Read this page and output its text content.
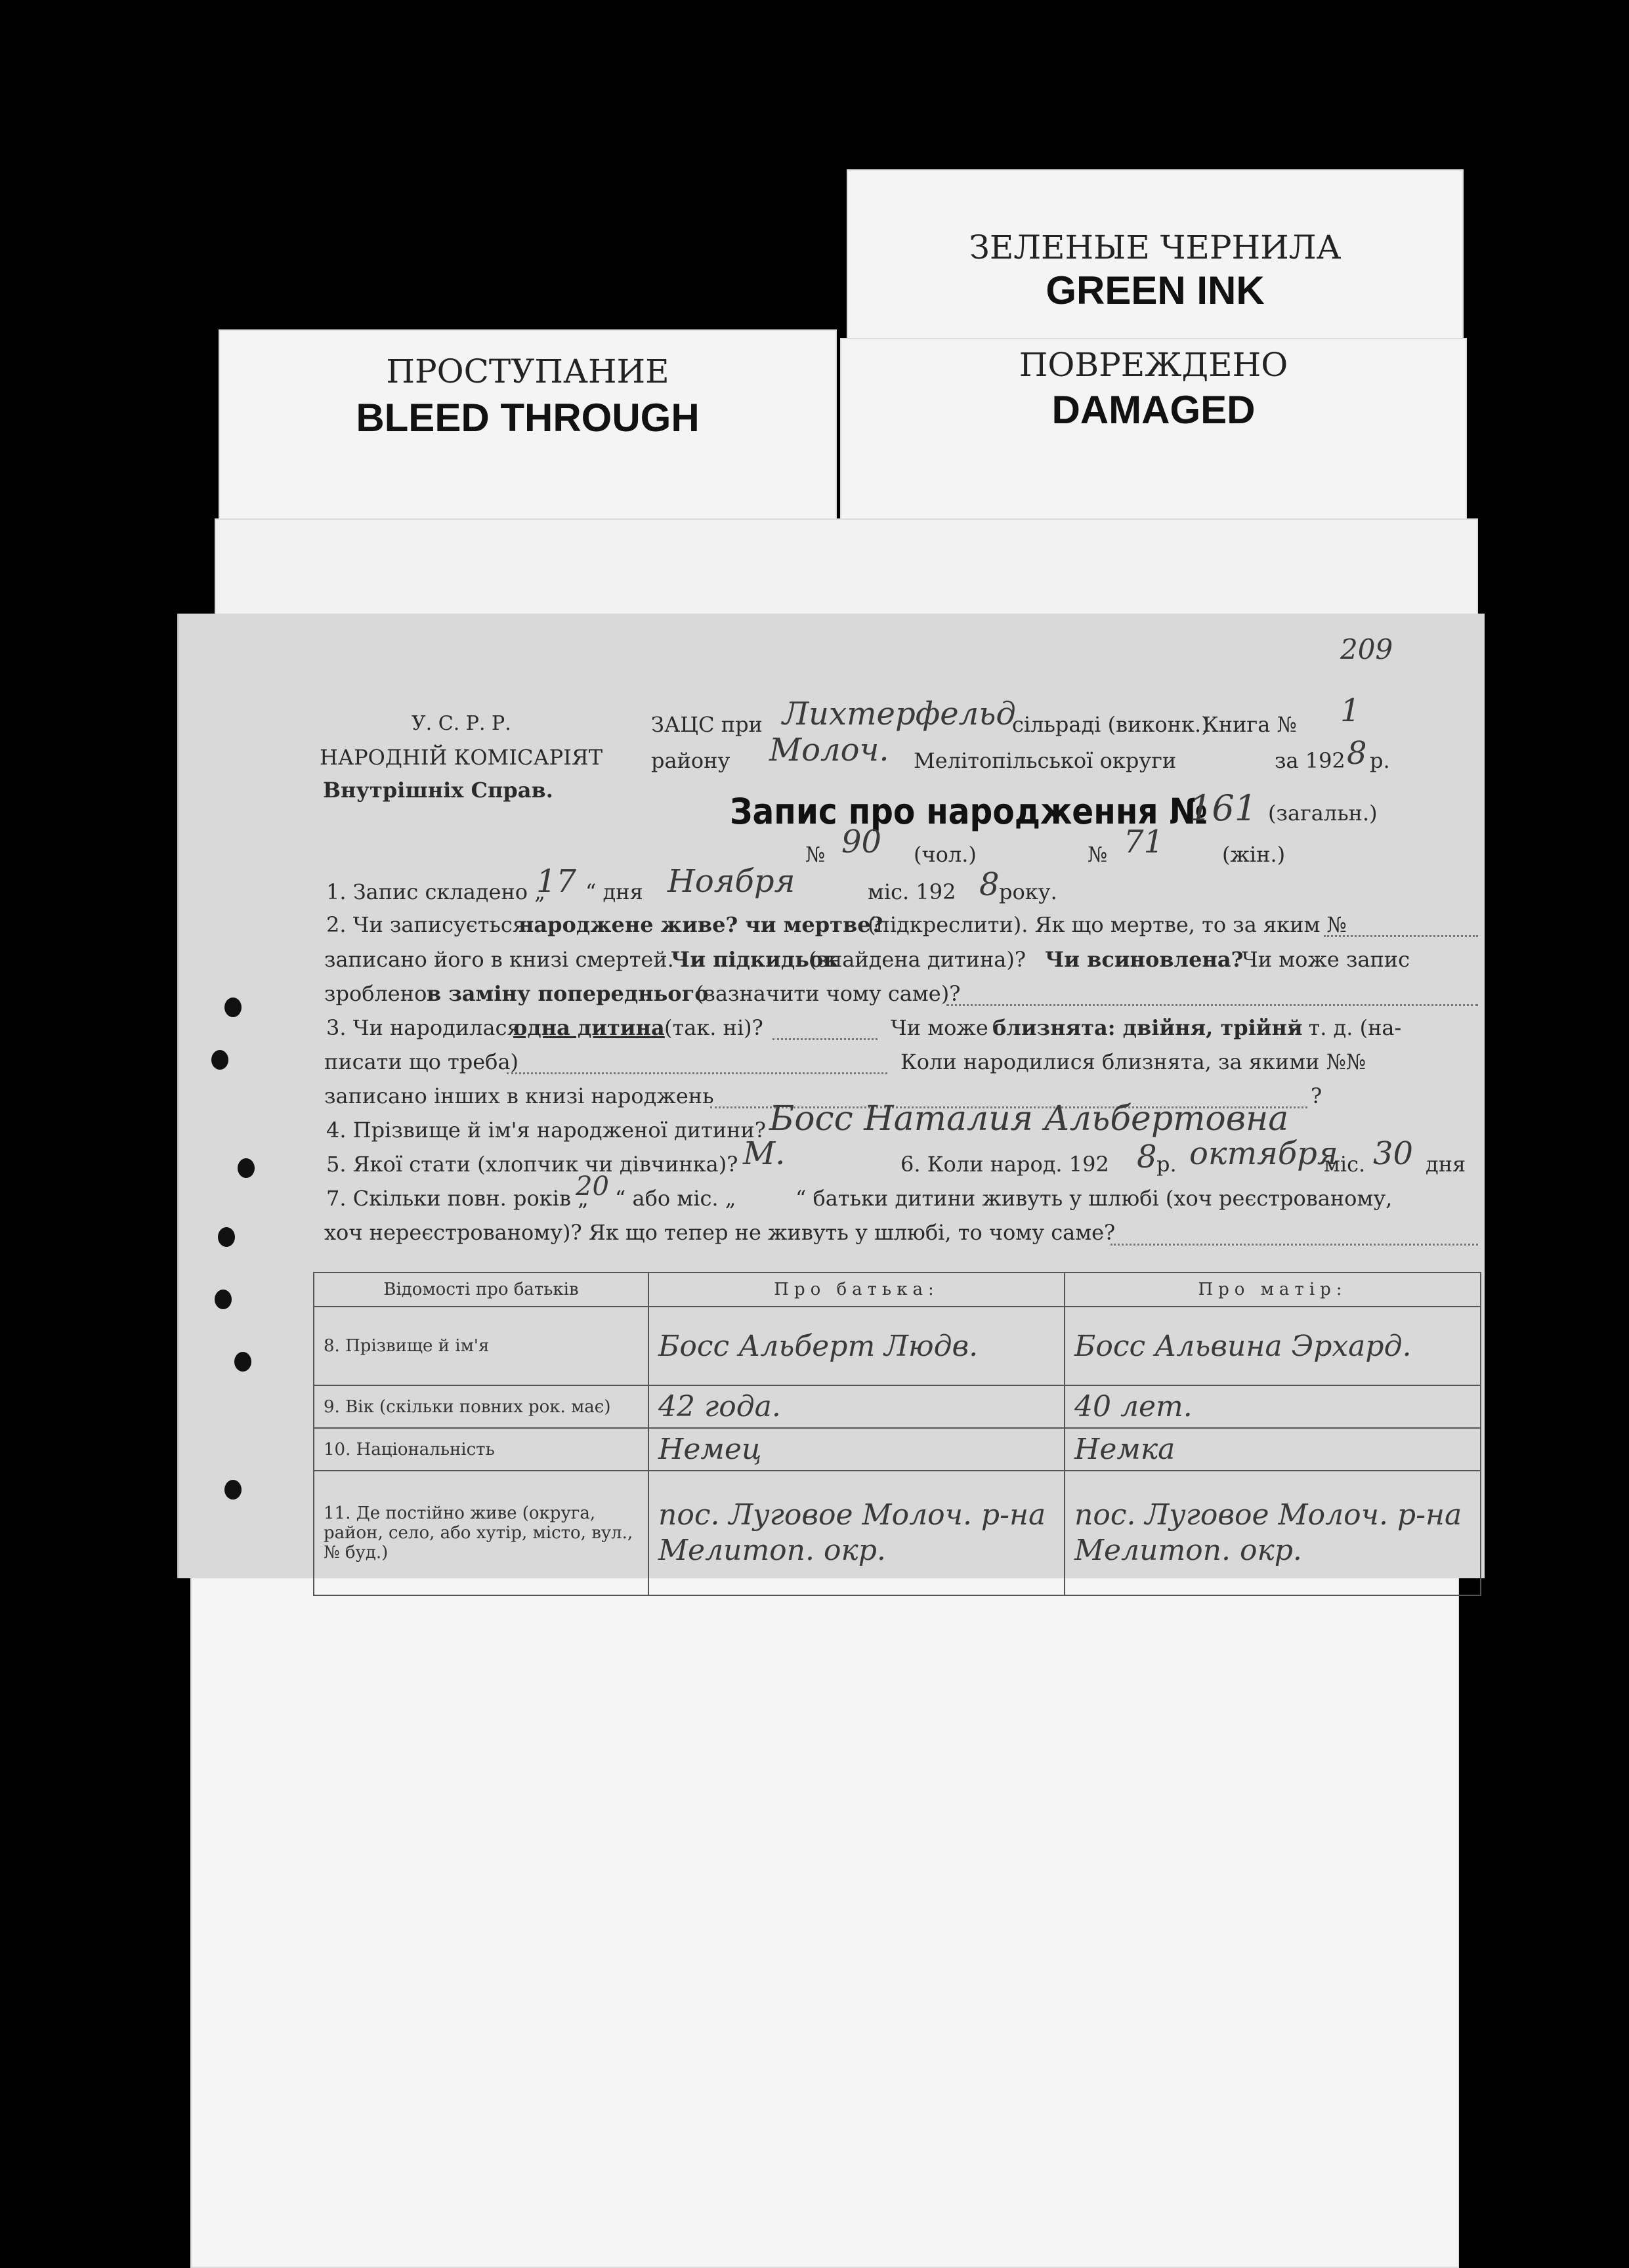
ЗЕЛЕНЫЕ ЧЕРНИЛА
GREEN INK
ПРОСТУПАНИЕ
BLEED THROUGH
ПОВРЕЖДЕНО
DAMAGED
209
У. С. Р. Р.
НАРОДНІЙ КОМІСАРІЯТ
Внутрішніх Справ.
ЗАЦС при Лихтерфельд
сільраді (виконк.)
Книга № 1
району Молоч. Мелітопільської округи	за 192 8 р.
Запис про народження №
161 (загальн.)
№ 90 (чол.)	№ 71	(жін.)
1. Запис складено „
17 “ дня Ноября	міс. 192 8 року.
2. Чи записується
народжене живе? чи мертве?
(підкреслити). Як що мертве, то за яким №
записано його в книзі смертей.
Чи підкидьок
(знайдена дитина)? Чи всиновлена?
Чи може запис
зроблено в заміну попереднього
(зазначити чому саме)?
3. Чи народилася
одна дитина (так. ні)?	Чи може близнята: двійня, трійня
й т. д. (на-
писати що треба)	Коли народилися близнята, за якими №№
записано інших в книзі народжень	?
4. Прізвище й ім'я народженої дитини? Босс Наталия Альбертовна
5. Якої стати (хлопчик чи дівчинка)? М.	6. Коли народ. 192 8 р. октября
міс. 30 дня
7. Скільки повн. років „
20 “ або міс. „	“ батьки дитини живуть у шлюбі (хоч реєстрованому,
хоч нереєстрованому)? Як що тепер не живуть у шлюбі, то чому саме?
Відомості про батьків	Про батька:	Про матір:
8. Прізвище й ім'я	Босс Альберт Людв.	Босс Альвина Эрхард.
9. Вік (скільки повних рок. має)	42 года.	40 лет.
10. Національність	Немец	Немка
11. Де постійно живе (округа, район, село, або хутір, місто, вул., № буд.)	пос. Луговое Молоч. р-на Мелитоп. окр.	пос. Луговое Молоч. р-на Мелитоп. окр.
